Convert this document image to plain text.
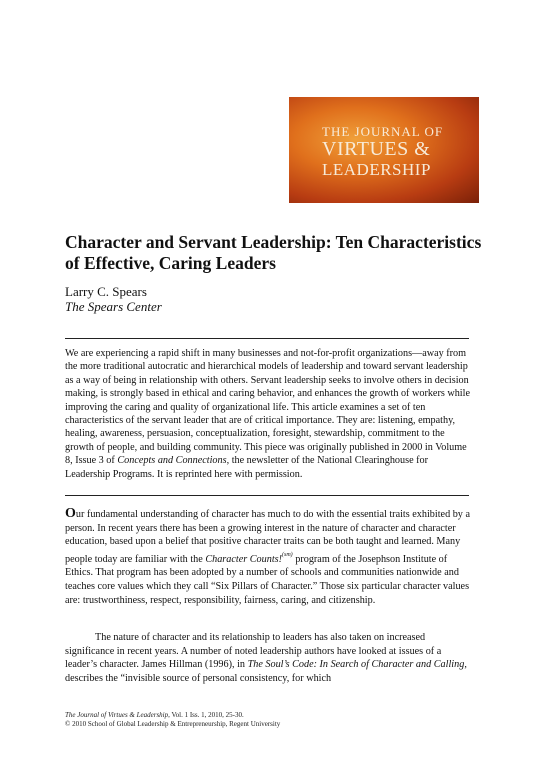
THE JOURNAL OF
VIRTUES &
LEADERSHIP
Character and Servant Leadership: Ten Characteristics of Effective, Caring Leaders
Larry C. Spears
The Spears Center

We are experiencing a rapid shift in many businesses and not-for-profit organizations—away from the more traditional autocratic and hierarchical models of leadership and toward servant leadership as a way of being in relationship with others. Servant leadership seeks to involve others in decision making, is strongly based in ethical and caring behavior, and enhances the growth of workers while improving the caring and quality of organizational life. This article examines a set of ten characteristics of the servant leader that are of critical importance. They are: listening, empathy, healing, awareness, persuasion, conceptualization, foresight, stewardship, commitment to the growth of people, and building community. This piece was originally published in 2000 in Volume 8, Issue 3 of Concepts and Connections, the newsletter of the National Clearinghouse for Leadership Programs. It is reprinted here with permission.

Our fundamental understanding of character has much to do with the essential traits exhibited by a person. In recent years there has been a growing interest in the nature of character and character education, based upon a belief that positive character traits can be both taught and learned. Many people today are familiar with the Character Counts!$^{(sm)}$ program of the Josephson Institute of Ethics. That program has been adopted by a number of schools and communities nationwide and teaches core values which they call “Six Pillars of Character.” Those six particular character values are: trustworthiness, respect, responsibility, fairness, caring, and citizenship.

The nature of character and its relationship to leaders has also taken on increased significance in recent years. A number of noted leadership authors have looked at issues of a leader’s character. James Hillman (1996), in The Soul’s Code: In Search of Character and Calling, describes the “invisible source of personal consistency, for which

The Journal of Virtues & Leadership, Vol. 1 Iss. 1, 2010, 25-30.
© 2010 School of Global Leadership & Entrepreneurship, Regent University
